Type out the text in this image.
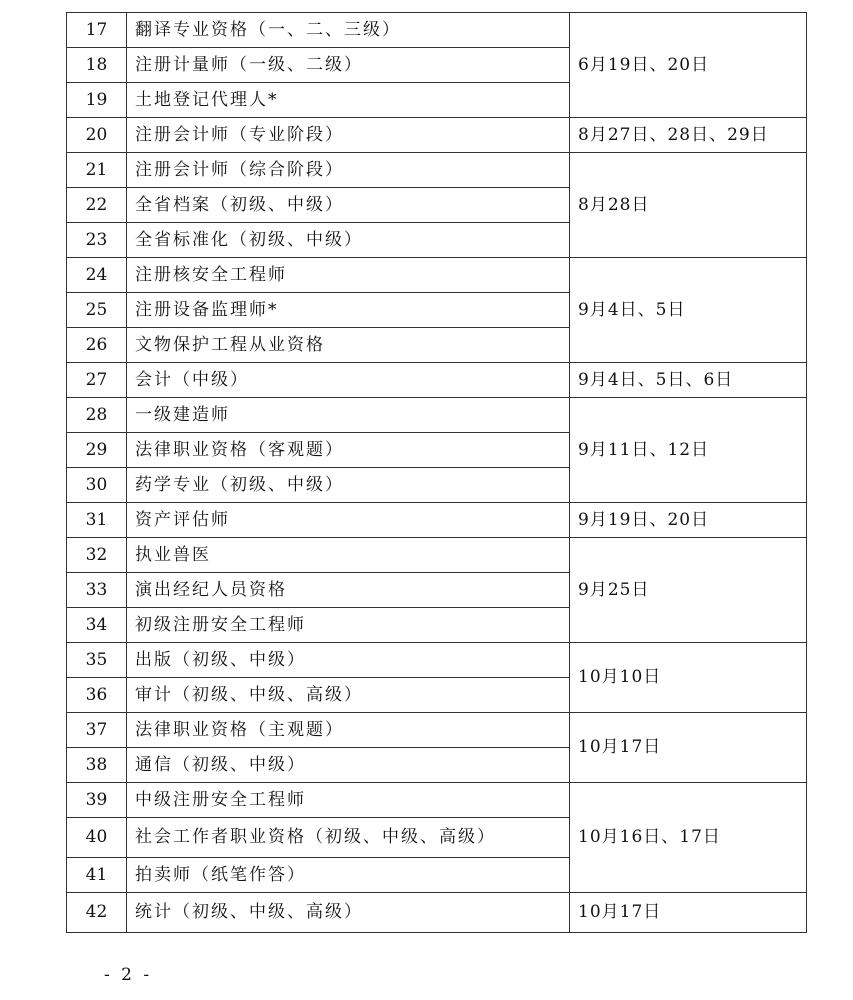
17	翻译专业资格（一、二、三级）	6月19日、20日
18	注册计量师（一级、二级）	
19	土地登记代理人*	
20	注册会计师（专业阶段）	8月27日、28日、29日
21	注册会计师（综合阶段）	8月28日
22	全省档案（初级、中级）	
23	全省标准化（初级、中级）	
24	注册核安全工程师	9月4日、5日
25	注册设备监理师*	
26	文物保护工程从业资格	
27	会计（中级）	9月4日、5日、6日
28	一级建造师	9月11日、12日
29	法律职业资格（客观题）	
30	药学专业（初级、中级）	
31	资产评估师	9月19日、20日
32	执业兽医	9月25日
33	演出经纪人员资格	
34	初级注册安全工程师	
35	出版（初级、中级）	10月10日
36	审计（初级、中级、高级）	
37	法律职业资格（主观题）	10月17日
38	通信（初级、中级）	
39	中级注册安全工程师	10月16日、17日
40	社会工作者职业资格（初级、中级、高级）	
41	拍卖师（纸笔作答）	
42	统计（初级、中级、高级）	10月17日
- 2 -
